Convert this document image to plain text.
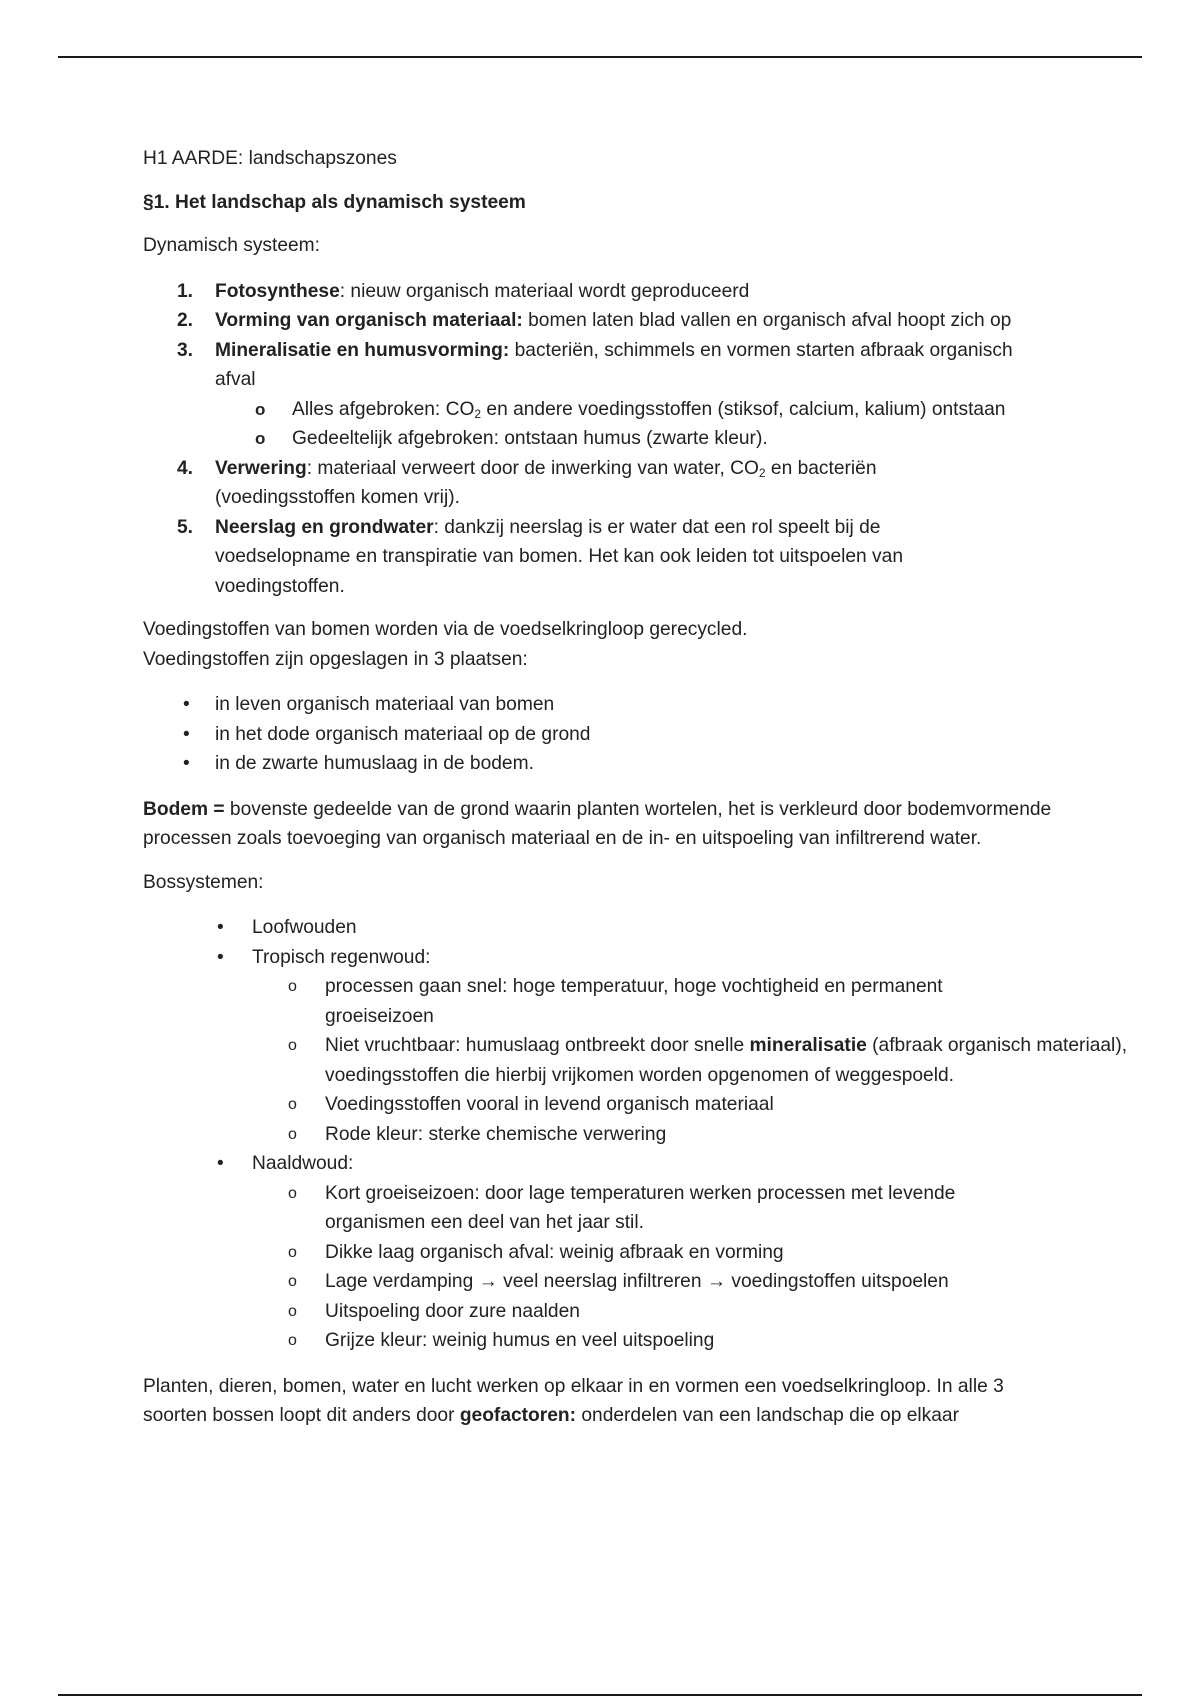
H1 AARDE: landschapszones

§1. Het landschap als dynamisch systeem

Dynamisch systeem:

1.	Fotosynthese: nieuw organisch materiaal wordt geproduceerd
2.	Vorming van organisch materiaal: bomen laten blad vallen en organisch afval hoopt zich op
3.	Mineralisatie en humusvorming: bacteriën, schimmels en vormen starten afbraak organisch afval
o Alles afgebroken: $CO_2$ en andere voedingsstoffen (stiksof, calcium, kalium) ontstaan
o Gedeeltelijk afgebroken: ontstaan humus (zwarte kleur).
4.	Verwering: materiaal verweert door de inwerking van water, $CO_2$ en bacteriën (voedingsstoffen komen vrij).
5.	Neerslag en grondwater: dankzij neerslag is er water dat een rol speelt bij de voedselopname en transpiratie van bomen. Het kan ook leiden tot uitspoelen van voedingstoffen.

Voedingstoffen van bomen worden via de voedselkringloop gerecycled.

Voedingstoffen zijn opgeslagen in 3 plaatsen:

• in leven organisch materiaal van bomen
• in het dode organisch materiaal op de grond
• in de zwarte humuslaag in de bodem.

Bodem = bovenste gedeelde van de grond waarin planten wortelen, het is verkleurd door bodemvormende processen zoals toevoeging van organisch materiaal en de in- en uitspoeling van infiltrerend water.

Bossystemen:

• Loofwouden
• Tropisch regenwoud:
o processen gaan snel: hoge temperatuur, hoge vochtigheid en permanent groeiseizoen
o Niet vruchtbaar: humuslaag ontbreekt door snelle mineralisatie (afbraak organisch materiaal), voedingsstoffen die hierbij vrijkomen worden opgenomen of weggespoeld.
o Voedingsstoffen vooral in levend organisch materiaal
o Rode kleur: sterke chemische verwering
• Naaldwoud:
o Kort groeiseizoen: door lage temperaturen werken processen met levende organismen een deel van het jaar stil.
o Dikke laag organisch afval: weinig afbraak en vorming
o Lage verdamping → veel neerslag infiltreren → voedingstoffen uitspoelen
o Uitspoeling door zure naalden
o Grijze kleur: weinig humus en veel uitspoeling

Planten, dieren, bomen, water en lucht werken op elkaar in en vormen een voedselkringloop. In alle 3 soorten bossen loopt dit anders door geofactoren: onderdelen van een landschap die op elkaar
